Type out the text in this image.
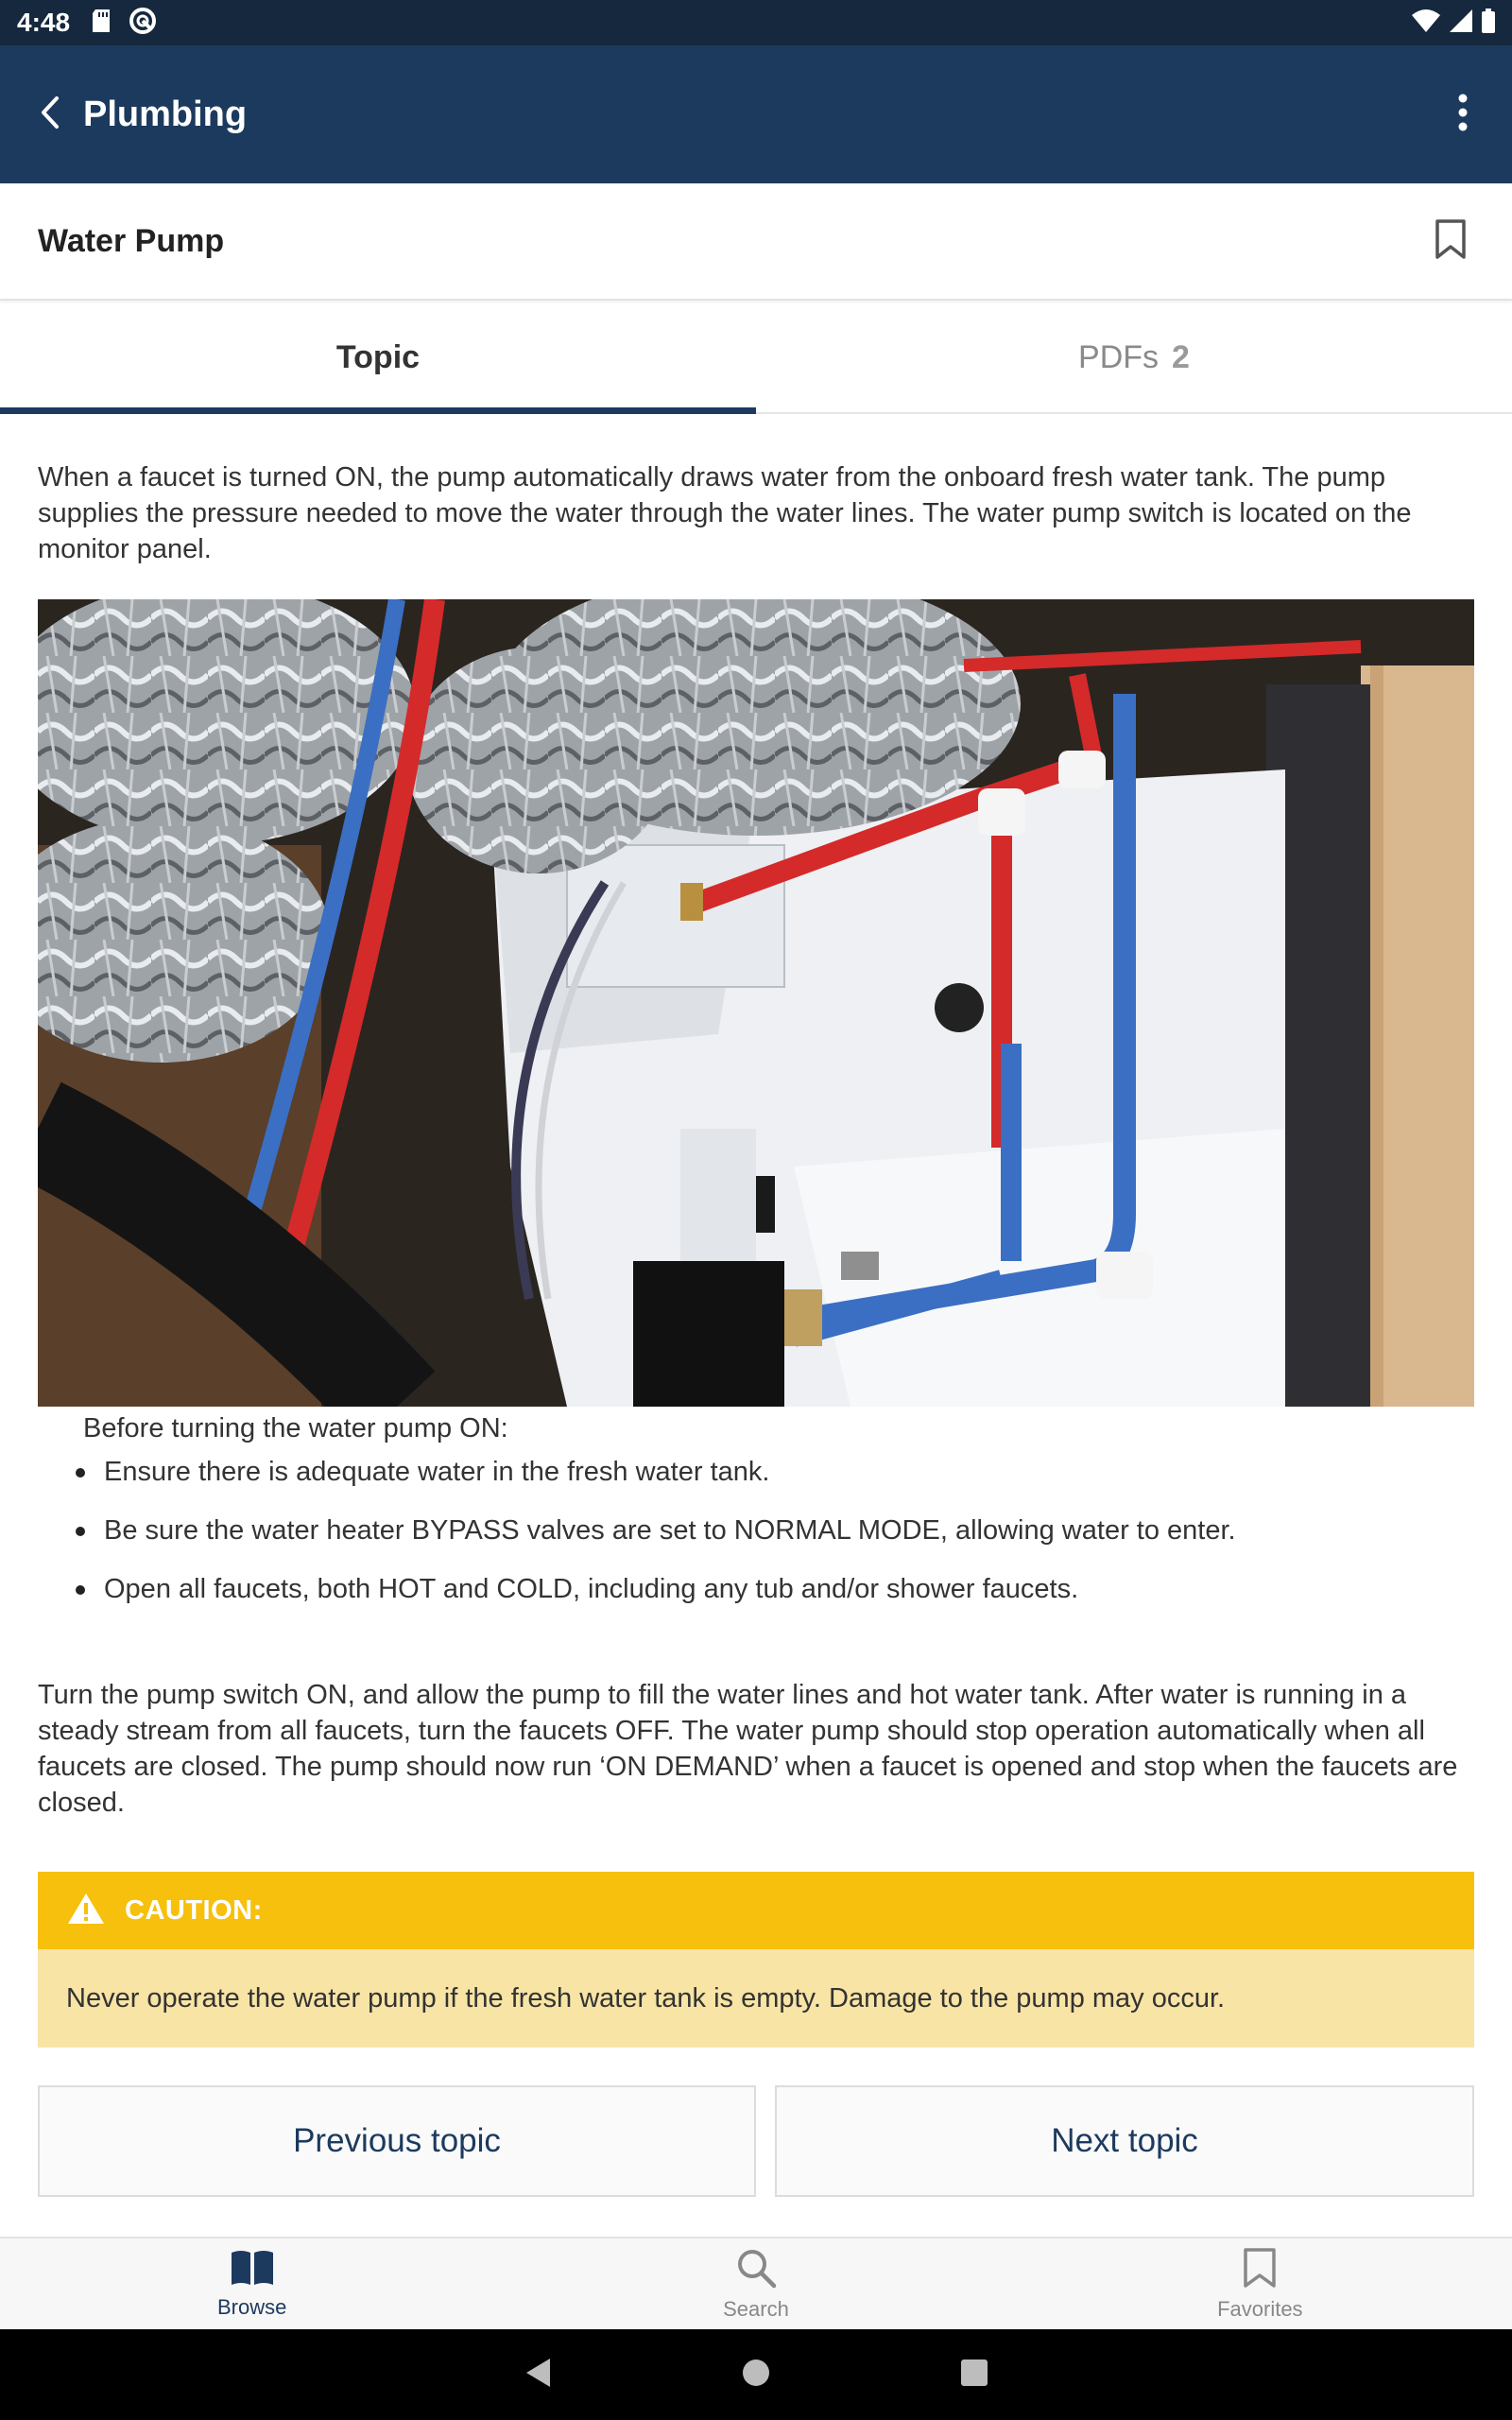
4:48
Plumbing
Water Pump
Topic	PDFs 2

When a faucet is turned ON, the pump automatically draws water from the onboard fresh water tank. The pump supplies the pressure needed to move the water through the water lines. The water pump switch is located on the monitor panel.

Before turning the water pump ON:

Ensure there is adequate water in the fresh water tank.
Be sure the water heater BYPASS valves are set to NORMAL MODE, allowing water to enter.
Open all faucets, both HOT and COLD, including any tub and/or shower faucets.

Turn the pump switch ON, and allow the pump to fill the water lines and hot water tank. After water is running in a steady stream from all faucets, turn the faucets OFF. The water pump should stop operation automatically when all faucets are closed. The pump should now run ‘ON DEMAND’ when a faucet is opened and stop when the faucets are closed.

CAUTION:
Never operate the water pump if the fresh water tank is empty. Damage to the pump may occur.
Previous topic	Next topic
Browse	Search	Favorites
